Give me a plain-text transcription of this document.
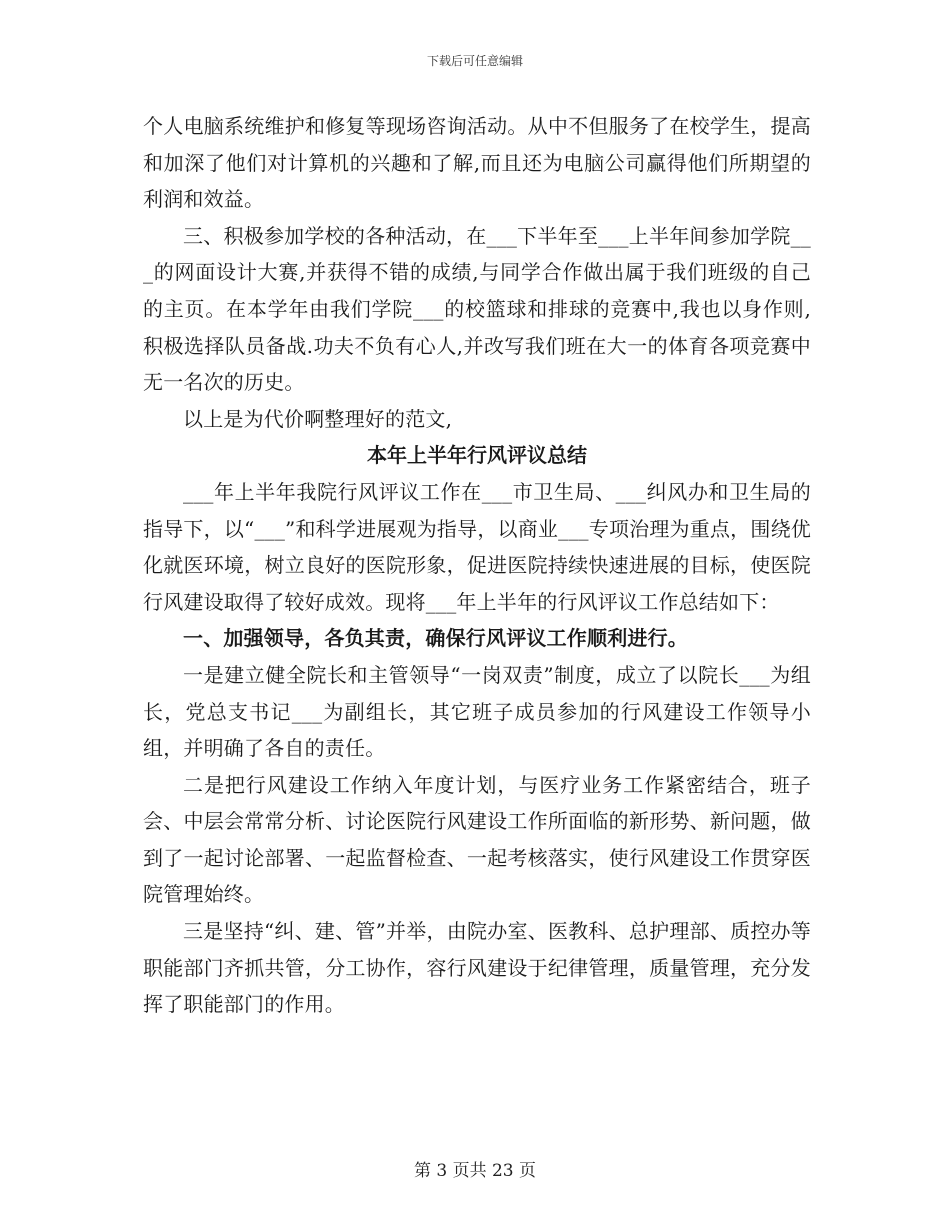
下载后可任意编辑

个人电脑系统维护和修复等现场咨询活动。从中不但服务了在校学生，提高和加深了他们对计算机的兴趣和了解,而且还为电脑公司赢得他们所期望的利润和效益。

三、积极参加学校的各种活动，在___下半年至___上半年间参加学院___的网面设计大赛,并获得不错的成绩,与同学合作做出属于我们班级的自己的主页。在本学年由我们学院___的校篮球和排球的竞赛中,我也以身作则,积极选择队员备战.功夫不负有心人,并改写我们班在大一的体育各项竞赛中无一名次的历史。

以上是为代价啊整理好的范文,

本年上半年行风评议总结

___年上半年我院行风评议工作在___市卫生局、___纠风办和卫生局的指导下，以“___”和科学进展观为指导，以商业___专项治理为重点，围绕优化就医环境，树立良好的医院形象，促进医院持续快速进展的目标，使医院行风建设取得了较好成效。现将___年上半年的行风评议工作总结如下：

一、加强领导，各负其责，确保行风评议工作顺利进行。

一是建立健全院长和主管领导“一岗双责”制度，成立了以院长___为组长，党总支书记___为副组长，其它班子成员参加的行风建设工作领导小组，并明确了各自的责任。

二是把行风建设工作纳入年度计划，与医疗业务工作紧密结合，班子会、中层会常常分析、讨论医院行风建设工作所面临的新形势、新问题，做到了一起讨论部署、一起监督检查、一起考核落实，使行风建设工作贯穿医院管理始终。

三是坚持“纠、建、管”并举，由院办室、医教科、总护理部、质控办等职能部门齐抓共管，分工协作，容行风建设于纪律管理，质量管理，充分发挥了职能部门的作用。

第 3 页共 23 页
